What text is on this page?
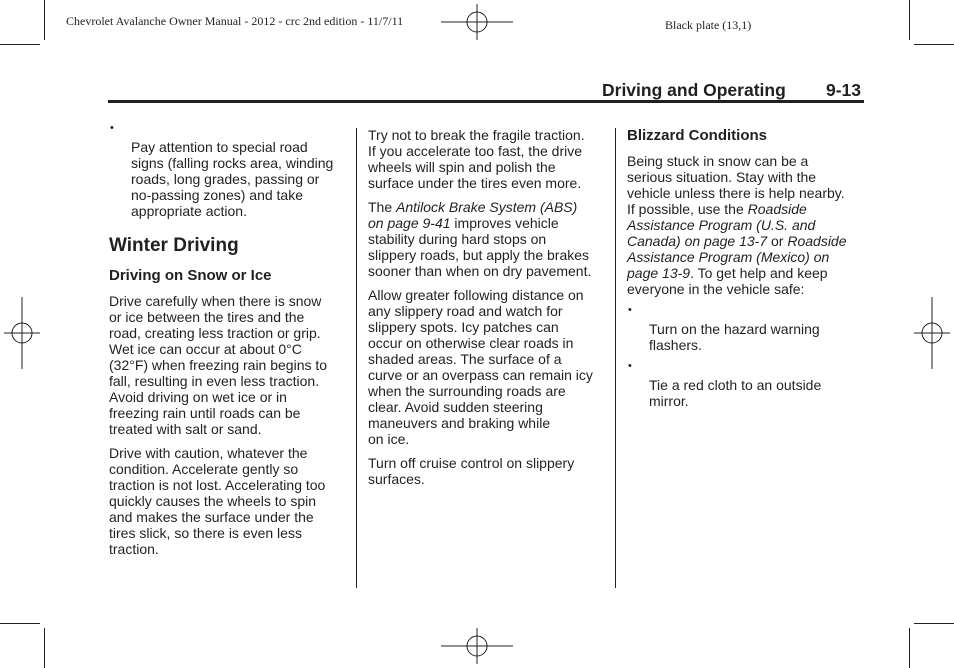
Chevrolet Avalanche Owner Manual - 2012 - crc 2nd edition - 11/7/11	Black plate (13,1)
Driving and Operating 9-13

•
Pay attention to special road
signs (falling rocks area, winding
roads, long grades, passing or
no-passing zones) and take
appropriate action.

Winter Driving
Driving on Snow or Ice

Drive carefully when there is snow
or ice between the tires and the
road, creating less traction or grip.
Wet ice can occur at about 0°C
(32°F) when freezing rain begins to
fall, resulting in even less traction.
Avoid driving on wet ice or in
freezing rain until roads can be
treated with salt or sand.

Drive with caution, whatever the
condition. Accelerate gently so
traction is not lost. Accelerating too
quickly causes the wheels to spin
and makes the surface under the
tires slick, so there is even less
traction.

Try not to break the fragile traction.
If you accelerate too fast, the drive
wheels will spin and polish the
surface under the tires even more.

The Antilock Brake System (ABS)
on page 9-41 improves vehicle
stability during hard stops on
slippery roads, but apply the brakes
sooner than when on dry pavement.

Allow greater following distance on
any slippery road and watch for
slippery spots. Icy patches can
occur on otherwise clear roads in
shaded areas. The surface of a
curve or an overpass can remain icy
when the surrounding roads are
clear. Avoid sudden steering
maneuvers and braking while
on ice.

Turn off cruise control on slippery
surfaces.

Blizzard Conditions

Being stuck in snow can be a
serious situation. Stay with the
vehicle unless there is help nearby.
If possible, use the Roadside
Assistance Program (U.S. and
Canada) on page 13-7 or Roadside
Assistance Program (Mexico) on
page 13-9. To get help and keep
everyone in the vehicle safe:

•
Turn on the hazard warning
flashers.

•
Tie a red cloth to an outside
mirror.
